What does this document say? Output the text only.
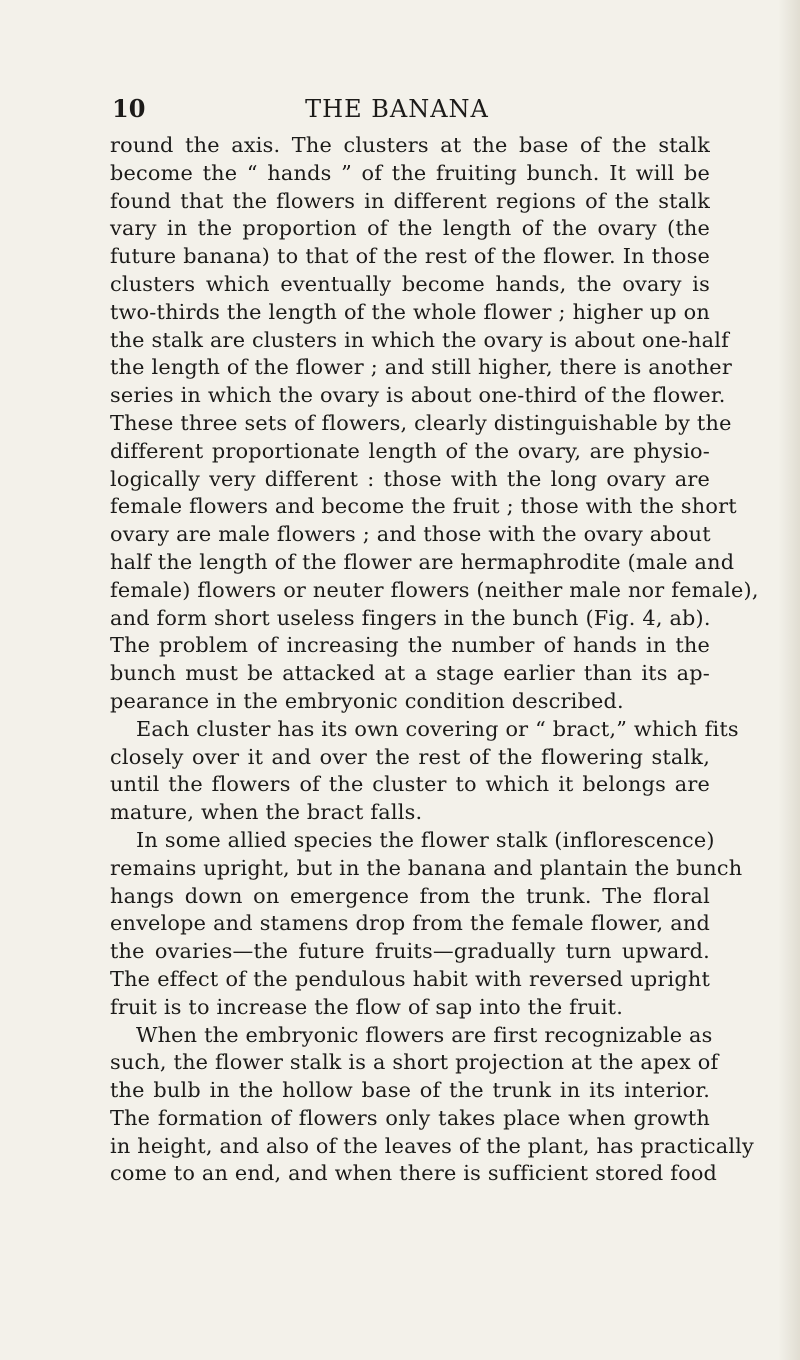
10	THE BANANA
round the axis. The clusters at the base of the stalk
become the “ hands ” of the fruiting bunch. It will be
found that the flowers in different regions of the stalk
vary in the proportion of the length of the ovary (the
future banana) to that of the rest of the flower. In those
clusters which eventually become hands, the ovary is
two-thirds the length of the whole flower ; higher up on
the stalk are clusters in which the ovary is about one-half
the length of the flower ; and still higher, there is another
series in which the ovary is about one-third of the flower.
These three sets of flowers, clearly distinguishable by the
different proportionate length of the ovary, are physio-
logically very different : those with the long ovary are
female flowers and become the fruit ; those with the short
ovary are male flowers ; and those with the ovary about
half the length of the flower are hermaphrodite (male and
female) flowers or neuter flowers (neither male nor female),
and form short useless fingers in the bunch (Fig. 4, ab).
The problem of increasing the number of hands in the
bunch must be attacked at a stage earlier than its ap-
pearance in the embryonic condition described.
Each cluster has its own covering or “ bract,” which fits
closely over it and over the rest of the flowering stalk,
until the flowers of the cluster to which it belongs are
mature, when the bract falls.
In some allied species the flower stalk (inflorescence)
remains upright, but in the banana and plantain the bunch
hangs down on emergence from the trunk. The floral
envelope and stamens drop from the female flower, and
the ovaries—the future fruits—gradually turn upward.
The effect of the pendulous habit with reversed upright
fruit is to increase the flow of sap into the fruit.
When the embryonic flowers are first recognizable as
such, the flower stalk is a short projection at the apex of
the bulb in the hollow base of the trunk in its interior.
The formation of flowers only takes place when growth
in height, and also of the leaves of the plant, has practically
come to an end, and when there is sufficient stored food
